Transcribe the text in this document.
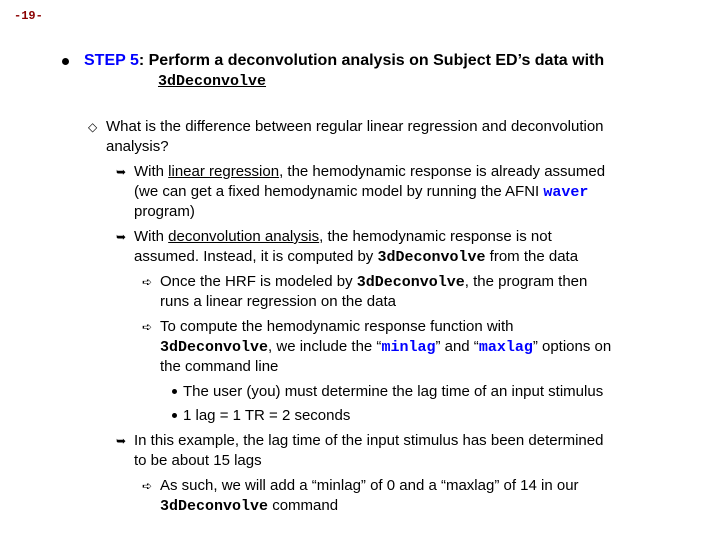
-19-
STEP 5: Perform a deconvolution analysis on Subject ED’s data with
3dDeconvolve
◇ What is the difference between regular linear regression and deconvolution
analysis?
➥ With linear regression, the hemodynamic response is already assumed
(we can get a fixed hemodynamic model by running the AFNI waver
program)
➥ With deconvolution analysis, the hemodynamic response is not
assumed. Instead, it is computed by 3dDeconvolve from the data
➪ Once the HRF is modeled by 3dDeconvolve, the program then
runs a linear regression on the data
➪ To compute the hemodynamic response function with
3dDeconvolve, we include the “minlag” and “maxlag” options on
the command line
The user (you) must determine the lag time of an input stimulus
1 lag = 1 TR = 2 seconds
➥ In this example, the lag time of the input stimulus has been determined
to be about 15 lags
➪ As such, we will add a “minlag” of 0 and a “maxlag” of 14 in our
3dDeconvolve command
